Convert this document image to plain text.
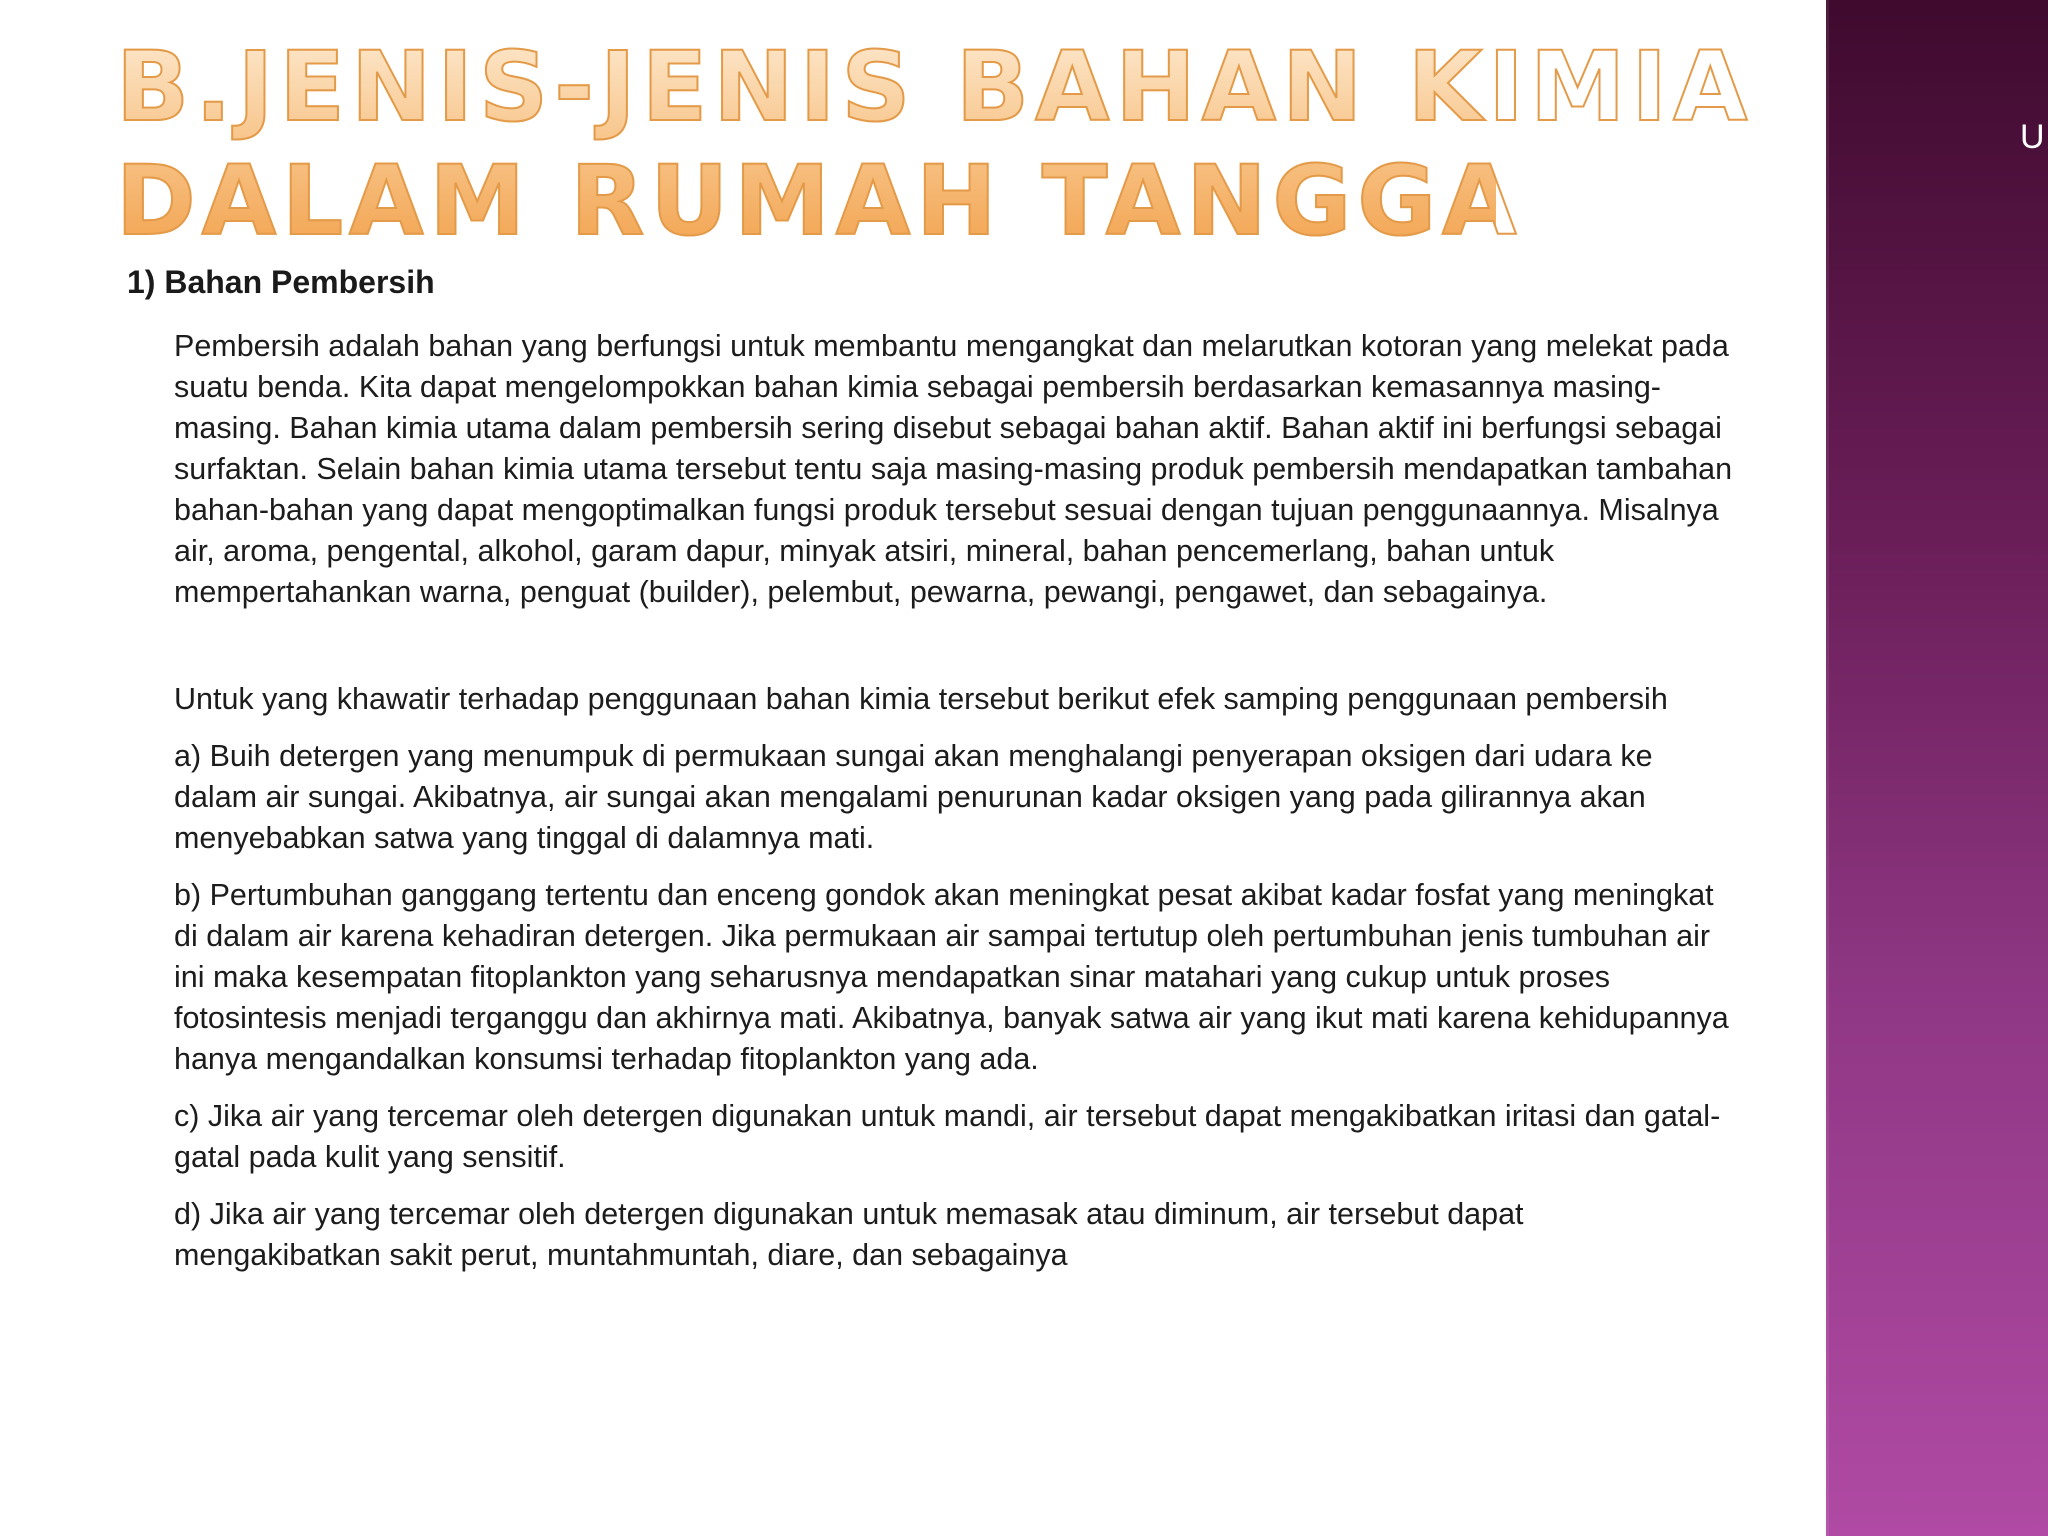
U
B. JENIS-JENIS BAHAN KIMIA
DALAM RUMAH TANGGA
1) Bahan Pembersih

Pembersih adalah bahan yang berfungsi untuk membantu mengangkat dan melarutkan kotoran yang melekat pada suatu benda. Kita dapat mengelompokkan bahan kimia sebagai pembersih berdasarkan kemasannya masing-masing. Bahan kimia utama dalam pembersih sering disebut sebagai bahan aktif. Bahan aktif ini berfungsi sebagai surfaktan. Selain bahan kimia utama tersebut tentu saja masing-masing produk pembersih mendapatkan tambahan bahan-bahan yang dapat mengoptimalkan fungsi produk tersebut sesuai dengan tujuan penggunaannya. Misalnya air, aroma, pengental, alkohol, garam dapur, minyak atsiri, mineral, bahan pencemerlang, bahan untuk mempertahankan warna, penguat (builder), pelembut, pewarna, pewangi, pengawet, dan sebagainya.

Untuk yang khawatir terhadap penggunaan bahan kimia tersebut berikut efek samping penggunaan pembersih

a) Buih detergen yang menumpuk di permukaan sungai akan menghalangi penyerapan oksigen dari udara ke dalam air sungai. Akibatnya, air sungai akan mengalami penurunan kadar oksigen yang pada gilirannya akan menyebabkan satwa yang tinggal di dalamnya mati.

b) Pertumbuhan ganggang tertentu dan enceng gondok akan meningkat pesat akibat kadar fosfat yang meningkat di dalam air karena kehadiran detergen. Jika permukaan air sampai tertutup oleh pertumbuhan jenis tumbuhan air ini maka kesempatan fitoplankton yang seharusnya mendapatkan sinar matahari yang cukup untuk proses fotosintesis menjadi terganggu dan akhirnya mati. Akibatnya, banyak satwa air yang ikut mati karena kehidupannya hanya mengandalkan konsumsi terhadap fitoplankton yang ada.

c) Jika air yang tercemar oleh detergen digunakan untuk mandi, air tersebut dapat mengakibatkan iritasi dan gatal-gatal pada kulit yang sensitif.

d) Jika air yang tercemar oleh detergen digunakan untuk memasak atau diminum, air tersebut dapat mengakibatkan sakit perut, muntahmuntah, diare, dan sebagainya
